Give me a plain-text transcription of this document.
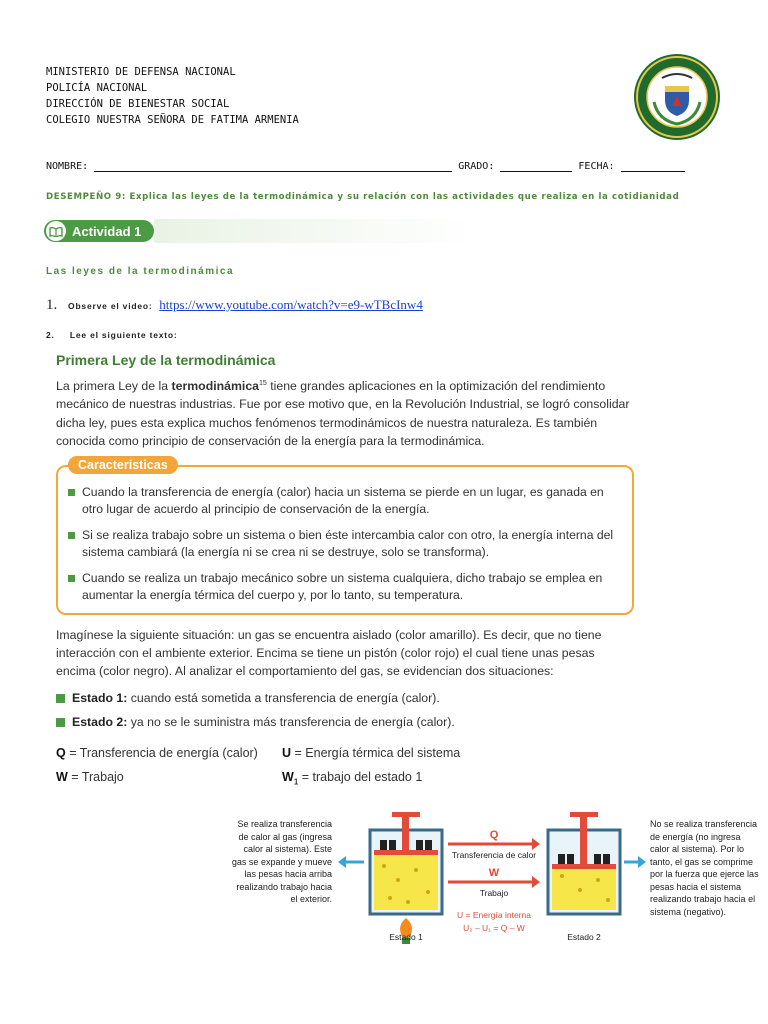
MINISTERIO DE DEFENSA NACIONAL
POLICÍA NACIONAL
DIRECCIÓN DE BIENESTAR SOCIAL
COLEGIO NUESTRA SEÑORA DE FATIMA ARMENIA
NOMBRE:	GRADO:	FECHA:
DESEMPEÑO 9: Explica las leyes de la termodinámica y su relación con las actividades que realiza en la cotidianidad
Actividad 1
Las leyes de la termodinámica
1. Observe el video: https://www.youtube.com/watch?v=e9-wTBcInw4
2. Lee el siguiente texto:
Primera Ley de la termodinámica
La primera Ley de la termodinámica$^{15}$ tiene grandes aplicaciones en la optimización del rendimiento mecánico de nuestras industrias. Fue por ese motivo que, en la Revolución Industrial, se logró consolidar dicha ley, pues esta explica muchos fenómenos termodinámicos de nuestra naturaleza. Es también conocida como principio de conservación de la energía para la termodinámica.
Características
Cuando la transferencia de energía (calor) hacia un sistema se pierde en un lugar, es ganada en otro lugar de acuerdo al principio de conservación de la energía.
Si se realiza trabajo sobre un sistema o bien éste intercambia calor con otro, la energía interna del sistema cambiará (la energía ni se crea ni se destruye, solo se transforma).
Cuando se realiza un trabajo mecánico sobre un sistema cualquiera, dicho trabajo se emplea en aumentar la energía térmica del cuerpo y, por lo tanto, su temperatura.
Imagínese la siguiente situación: un gas se encuentra aislado (color amarillo). Es decir, que no tiene interacción con el ambiente exterior. Encima se tiene un pistón (color rojo) el cual tiene unas pesas encima (color negro). Al analizar el comportamiento del gas, se evidencian dos situaciones:
Estado 1: cuando está sometida a transferencia de energía (calor).
Estado 2: ya no se le suministra más transferencia de energía (calor).
Q = Transferencia de energía (calor) U = Energía térmica del sistema
W = Trabajo	$W_1$ = trabajo del estado 1
Se realiza transferencia de calor al gas (ingresa calor al sistema). Este gas se expande y mueve las pesas hacia arriba realizando trabajo hacia el exterior.
No se realiza transferencia de energía (no ingresa calor al sistema). Por lo tanto, el gas se comprime por la fuerza que ejerce las pesas hacia el sistema realizando trabajo hacia el sistema (negativo).
Q
Transferencia de calor
W
Trabajo
U = Energía interna
U₂ – U₁ = Q – W
Estado 1	Estado 2
